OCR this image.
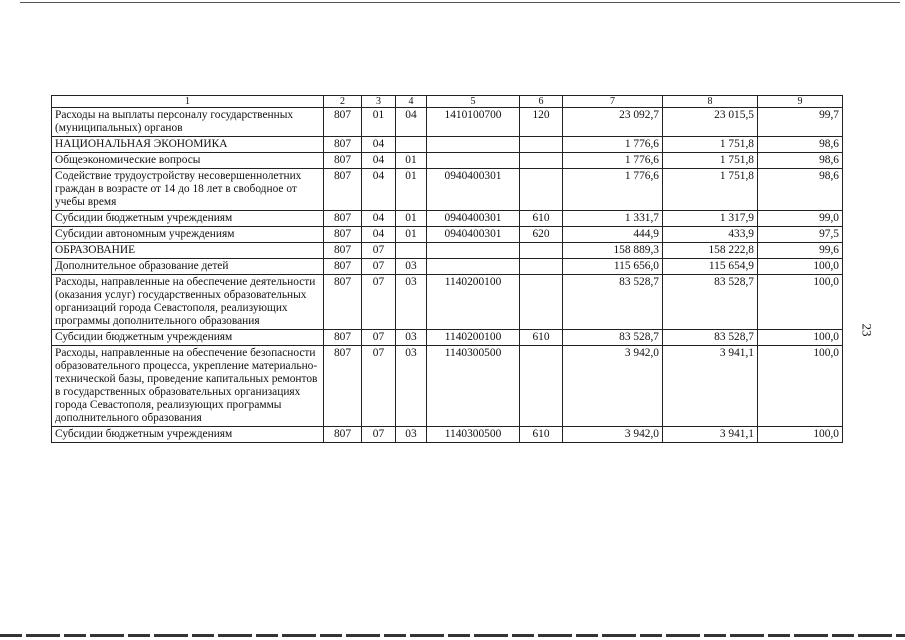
1	2	3	4	5	6	7	8	9
Расходы на выплаты персоналу государственных (муниципальных) органов	807	01	04	1410100700	120	23 092,7	23 015,5	99,7
НАЦИОНАЛЬНАЯ ЭКОНОМИКА	807	04				1 776,6	1 751,8	98,6
Общеэкономические вопросы	807	04	01			1 776,6	1 751,8	98,6
Содействие трудоустройству несовершеннолетних граждан в возрасте от 14 до 18 лет в свободное от учебы время	807	04	01	0940400301		1 776,6	1 751,8	98,6
Субсидии бюджетным учреждениям	807	04	01	0940400301	610	1 331,7	1 317,9	99,0
Субсидии автономным учреждениям	807	04	01	0940400301	620	444,9	433,9	97,5
ОБРАЗОВАНИЕ	807	07				158 889,3	158 222,8	99,6
Дополнительное образование детей	807	07	03			115 656,0	115 654,9	100,0
Расходы, направленные на обеспечение деятельности (оказания услуг) государственных образовательных организаций города Севастополя, реализующих программы дополнительного образования	807	07	03	1140200100		83 528,7	83 528,7	100,0
Субсидии бюджетным учреждениям	807	07	03	1140200100	610	83 528,7	83 528,7	100,0
Расходы, направленные на обеспечение безопасности образовательного процесса, укрепление материально-технической базы, проведение капитальных ремонтов в государственных образовательных организациях города Севастополя, реализующих программы дополнительного образования	807	07	03	1140300500		3 942,0	3 941,1	100,0
Субсидии бюджетным учреждениям	807	07	03	1140300500	610	3 942,0	3 941,1	100,0
23
